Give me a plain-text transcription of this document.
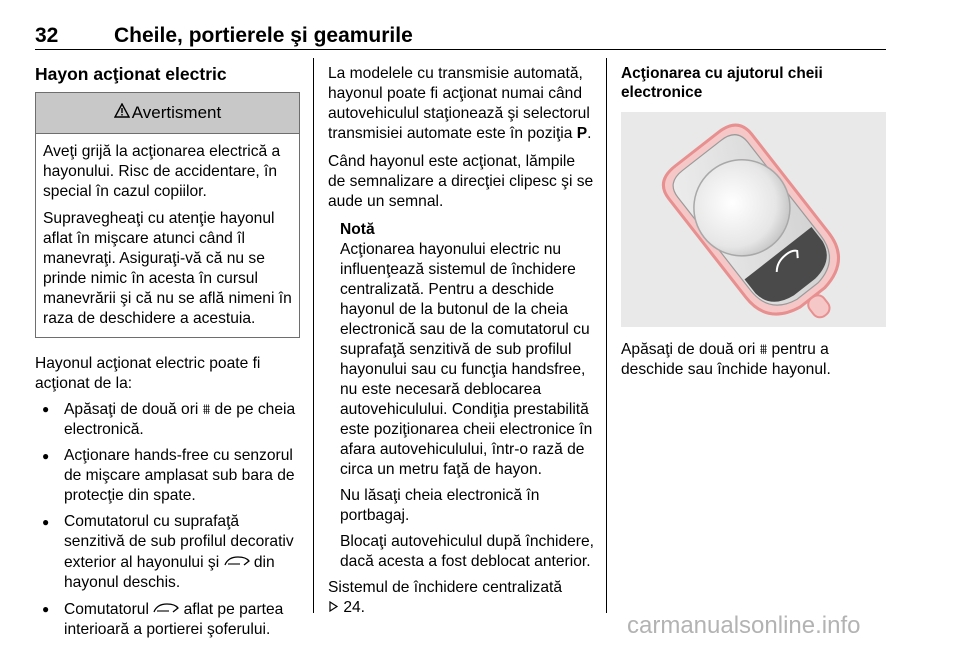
32	Cheile, portierele şi geamurile
Hayon acţionat electric
Avertisment

Aveţi grijă la acţionarea electrică a hayonului. Risc de accidentare, în special în cazul copiilor.

Supravegheaţi cu atenţie hayonul aflat în mişcare atunci când îl manevraţi. Asiguraţi-vă că nu se prinde nimic în acesta în cursul manevrării şi că nu se află nimeni în raza de deschidere a acestuia.

Hayonul acţionat electric poate fi acţionat de la:

● Apăsaţi de două ori ⩩ de pe cheia electronică.
● Acţionare hands-free cu senzorul de mişcare amplasat sub bara de protecţie din spate.
● Comutatorul cu suprafaţă senzitivă de sub profilul decorativ exterior al hayonului şi  din hayonul deschis.
● Comutatorul  aflat pe partea interioară a portierei şoferului.

La modelele cu transmisie automată, hayonul poate fi acţionat numai când autovehiculul staţionează şi selectorul transmisiei automate este în poziţia P.

Când hayonul este acţionat, lămpile de semnalizare a direcţiei clipesc şi se aude un semnal.

Notă

Acţionarea hayonului electric nu influenţează sistemul de închidere centralizată. Pentru a deschide hayonul de la butonul de la cheia electronică sau de la comutatorul cu suprafaţă senzitivă de sub profilul hayonului sau cu funcţia handsfree, nu este necesară deblocarea autovehiculului. Condiţia prestabilită este poziţionarea cheii electronice în afara autovehiculului, într-o rază de circa un metru faţă de hayon.

Nu lăsaţi cheia electronică în portbagaj.

Blocaţi autovehiculul după închidere, dacă acesta a fost deblocat anterior.

Sistemul de închidere centralizată
24.

Acţionarea cu ajutorul cheii electronice

Apăsaţi de două ori ⩩ pentru a deschide sau închide hayonul.

carmanualsonline.info
